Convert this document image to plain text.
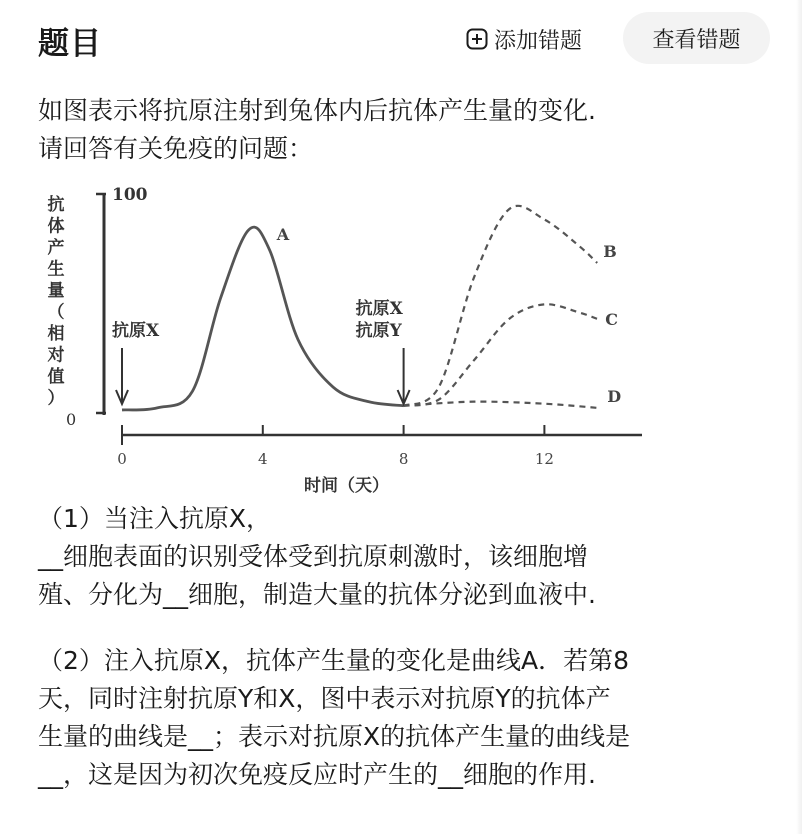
题目	添加错题	查看错题

如图表示将抗原注射到兔体内后抗体产生量的变化.

请回答有关免疫的问题：

抗
体
产
生
量
（
相
对
值
）
100
0
0	4	8	12
A
B
C
D
抗原X
抗原X
抗原Y
时间（天）

（1）当注入抗原X，

__细胞表面的识别受体受到抗原刺激时，该细胞增

殖、分化为__细胞，制造大量的抗体分泌到血液中.

（2）注入抗原X，抗体产生量的变化是曲线A．若第8

天，同时注射抗原Y和X，图中表示对抗原Y的抗体产

生量的曲线是__；表示对抗原X的抗体产生量的曲线是

__，这是因为初次免疫反应时产生的__细胞的作用.
